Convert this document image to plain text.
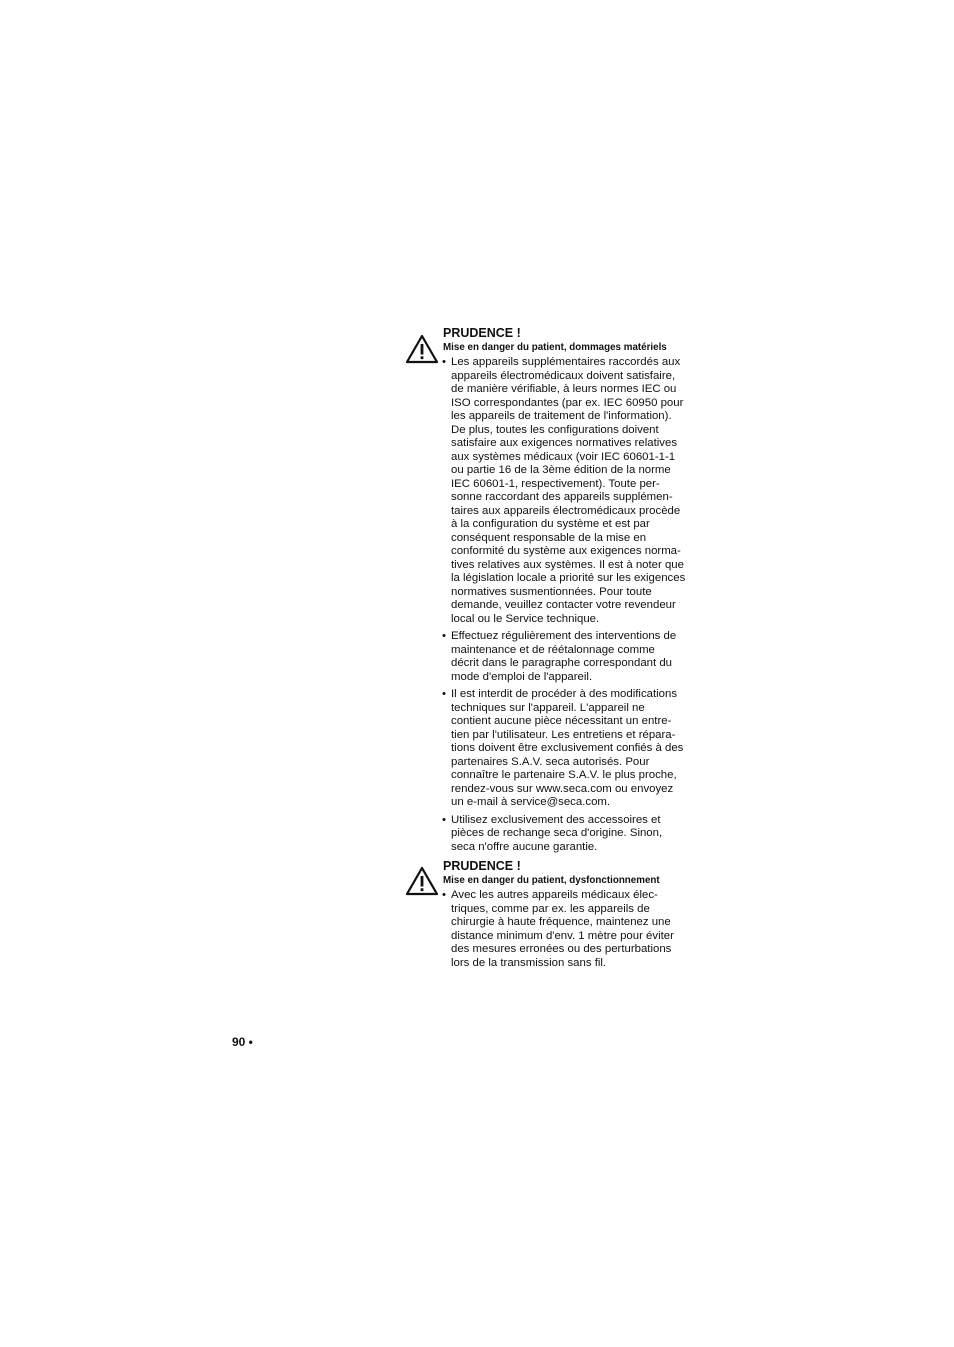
PRUDENCE !

Mise en danger du patient, dommages matériels

• Les appareils supplémentaires raccordés aux
appareils électromédicaux doivent satisfaire,
de manière vérifiable, à leurs normes IEC ou
ISO correspondantes (par ex. IEC 60950 pour
les appareils de traitement de l'information).
De plus, toutes les configurations doivent
satisfaire aux exigences normatives relatives
aux systèmes médicaux (voir IEC 60601-1-1
ou partie 16 de la 3ème édition de la norme
IEC 60601-1, respectivement). Toute per-
sonne raccordant des appareils supplémen-
taires aux appareils électromédicaux procède
à la configuration du système et est par
conséquent responsable de la mise en
conformité du système aux exigences norma-
tives relatives aux systèmes. Il est à noter que
la législation locale a priorité sur les exigences
normatives susmentionnées. Pour toute
demande, veuillez contacter votre revendeur
local ou le Service technique.
• Effectuez régulièrement des interventions de
maintenance et de réétalonnage comme
décrit dans le paragraphe correspondant du
mode d'emploi de l'appareil.
• Il est interdit de procéder à des modifications
techniques sur l'appareil. L'appareil ne
contient aucune pièce nécessitant un entre-
tien par l'utilisateur. Les entretiens et répara-
tions doivent être exclusivement confiés à des
partenaires S.A.V. seca autorisés. Pour
connaître le partenaire S.A.V. le plus proche,
rendez-vous sur www.seca.com ou envoyez
un e-mail à service@seca.com.
• Utilisez exclusivement des accessoires et
pièces de rechange seca d'origine. Sinon,
seca n'offre aucune garantie.

PRUDENCE !

Mise en danger du patient, dysfonctionnement

• Avec les autres appareils médicaux élec-
triques, comme par ex. les appareils de
chirurgie à haute fréquence, maintenez une
distance minimum d'env. 1 mètre pour éviter
des mesures erronées ou des perturbations
lors de la transmission sans fil.
90 •
